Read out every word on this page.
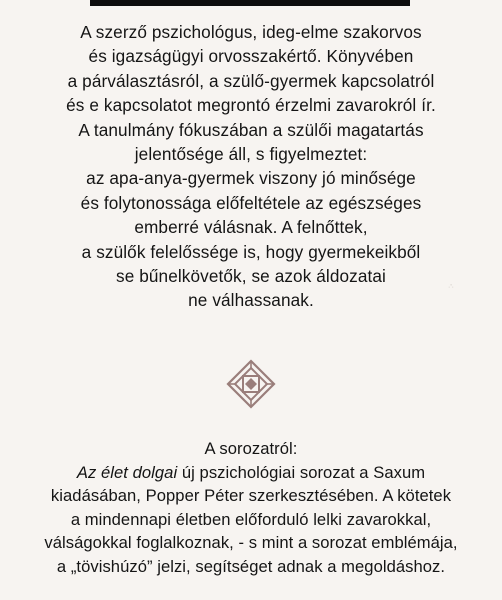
A szerző pszichológus, ideg-elme szakorvos
és igazságügyi orvosszakértő. Könyvében
a párválasztásról, a szülő-gyermek kapcsolatról
és e kapcsolatot megrontó érzelmi zavarokról ír.
A tanulmány fókuszában a szülői magatartás
jelentősége áll, s figyelmeztet:
az apa-anya-gyermek viszony jó minősége
és folytonossága előfeltétele az egészséges
emberré válásnak. A felnőttek,
a szülők felelőssége is, hogy gyermekeikből
se bűnelkövetők, se azok áldozatai
ne válhassanak.
·'·
A sorozatról:
Az élet dolgai új pszichológiai sorozat a Saxum
kiadásában, Popper Péter szerkesztésében. A kötetek
a mindennapi életben előforduló lelki zavarokkal,
válságokkal foglalkoznak, - s mint a sorozat emblémája,
a „tövishúzó” jelzi, segítséget adnak a megoldáshoz.
